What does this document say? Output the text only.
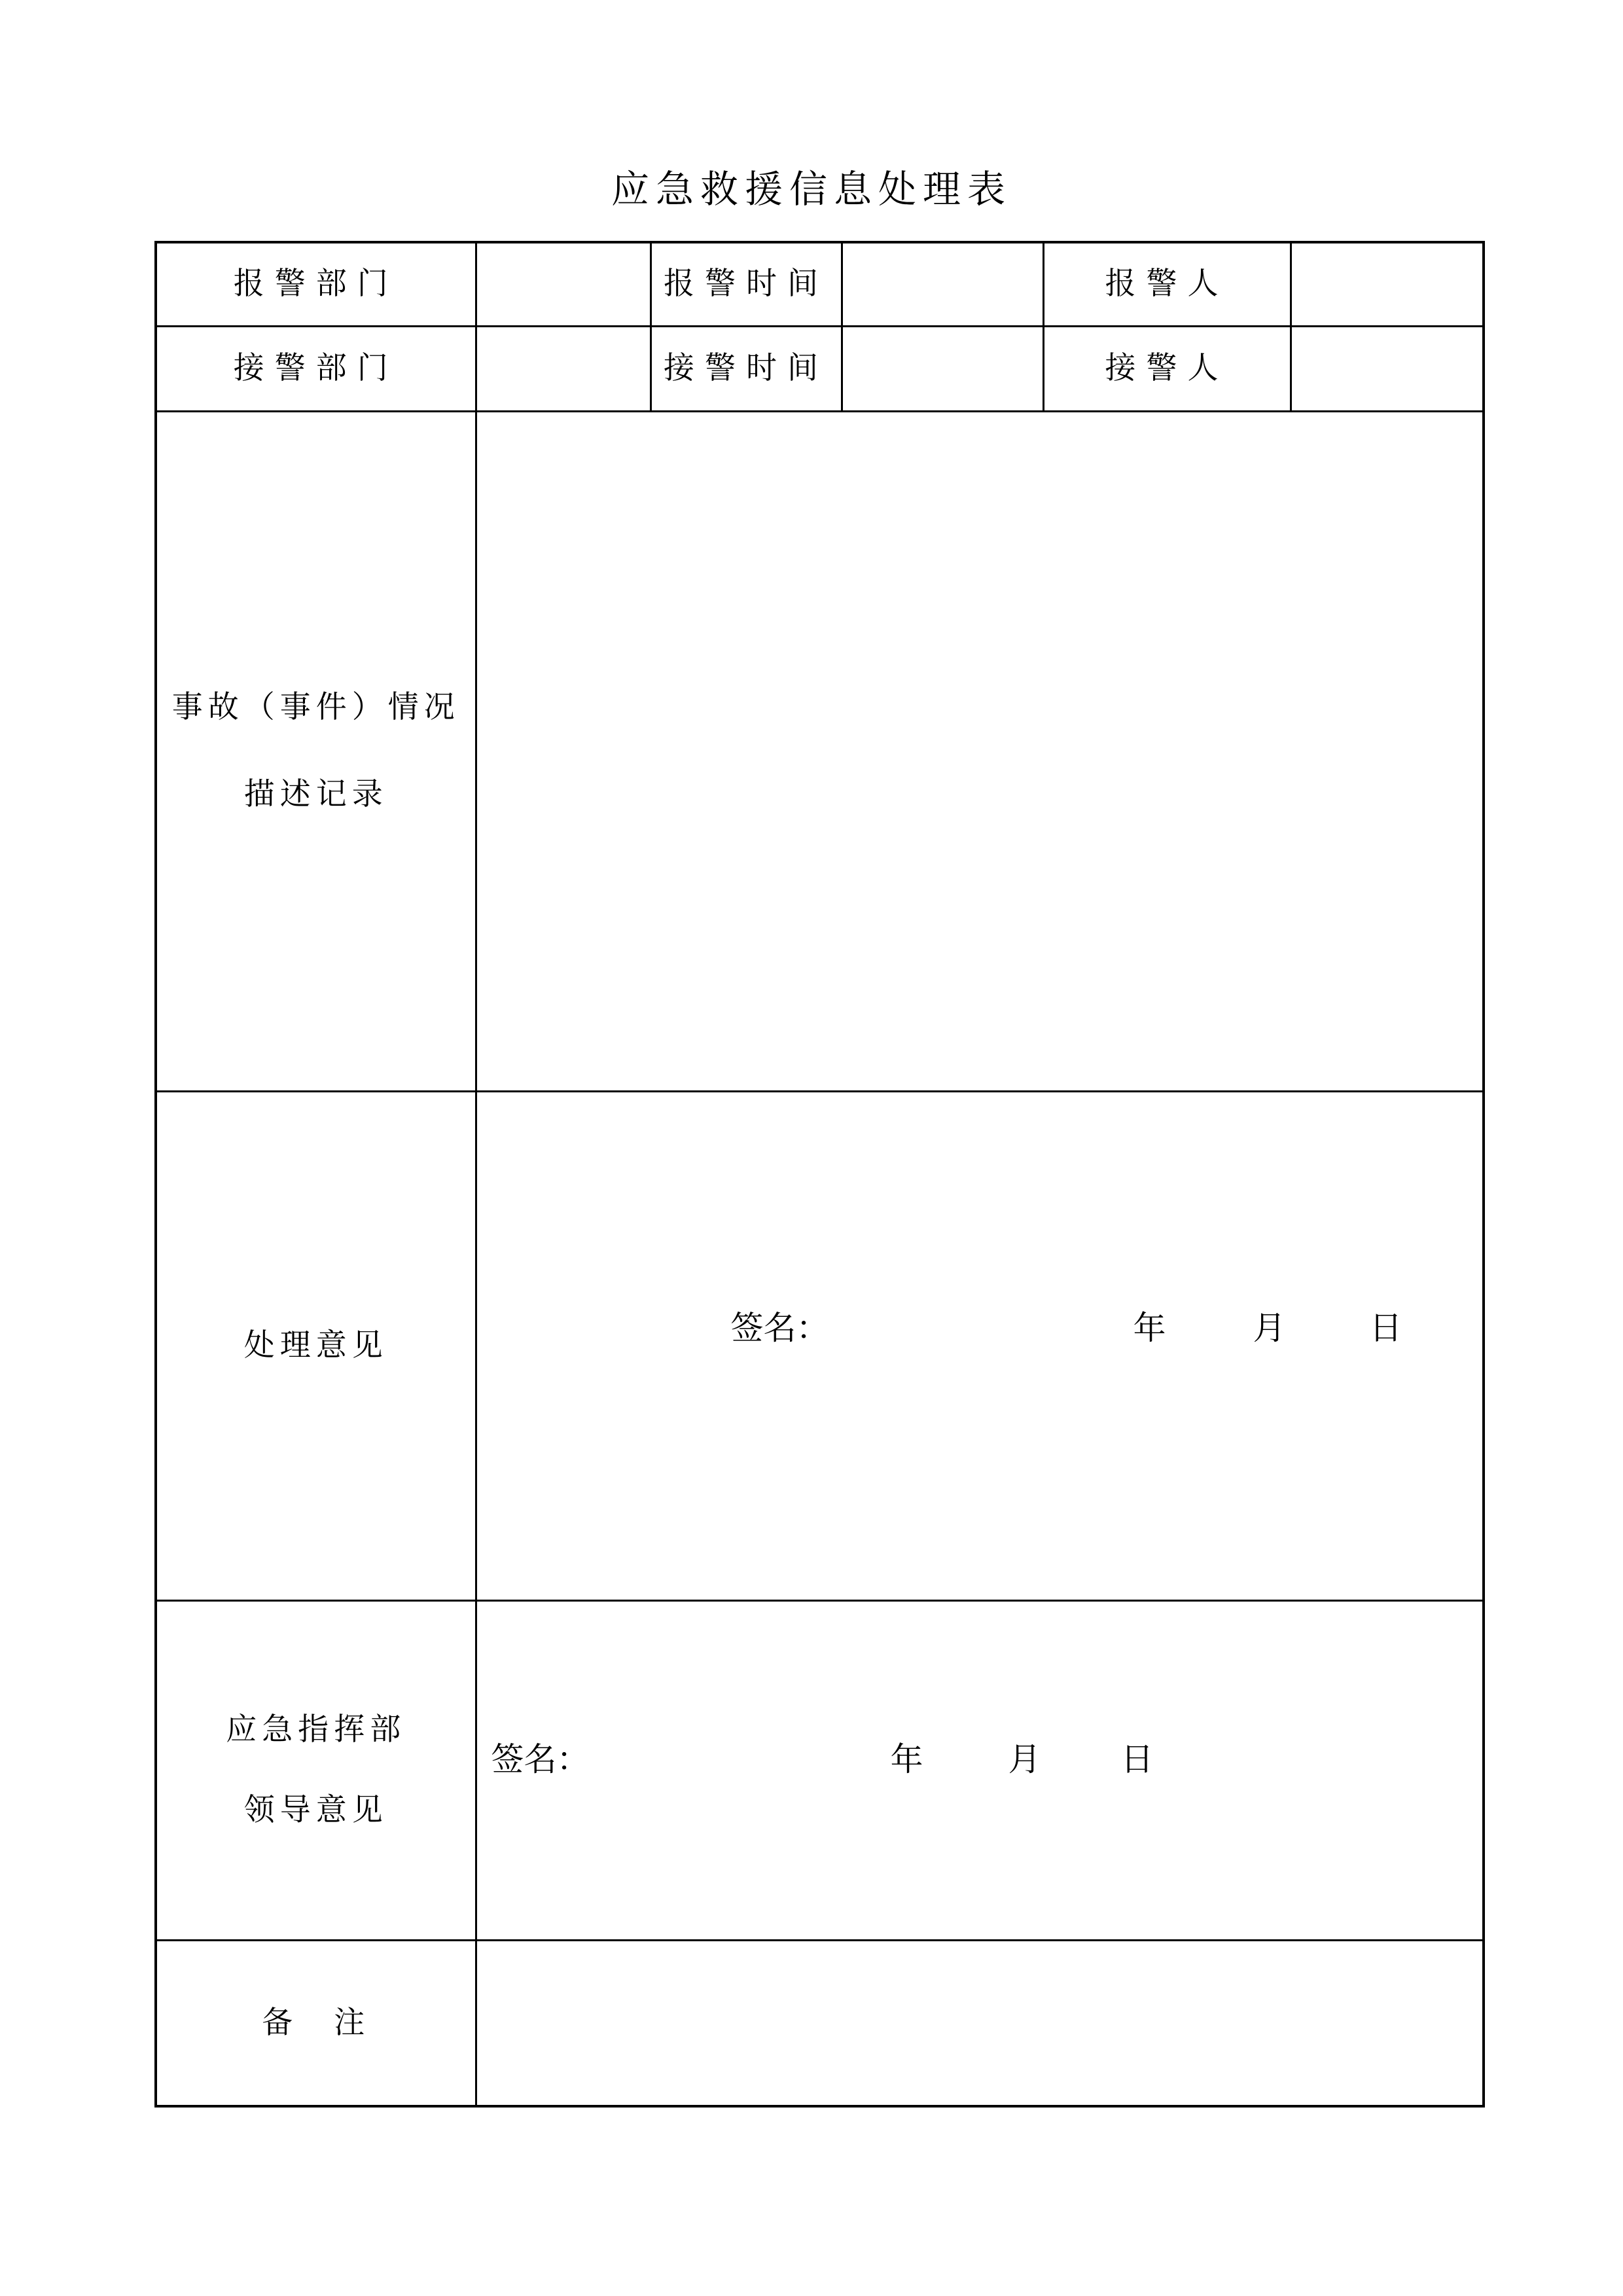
应急救援信息处理表
报警部门		报警时间		报警人	

接警部门		接警时间		接警人	

事故（事件）情况
描述记录					

处理意见	签名： 年 月 日				

应急指挥部
领导意见	签名： 年 月 日				

备　注					
